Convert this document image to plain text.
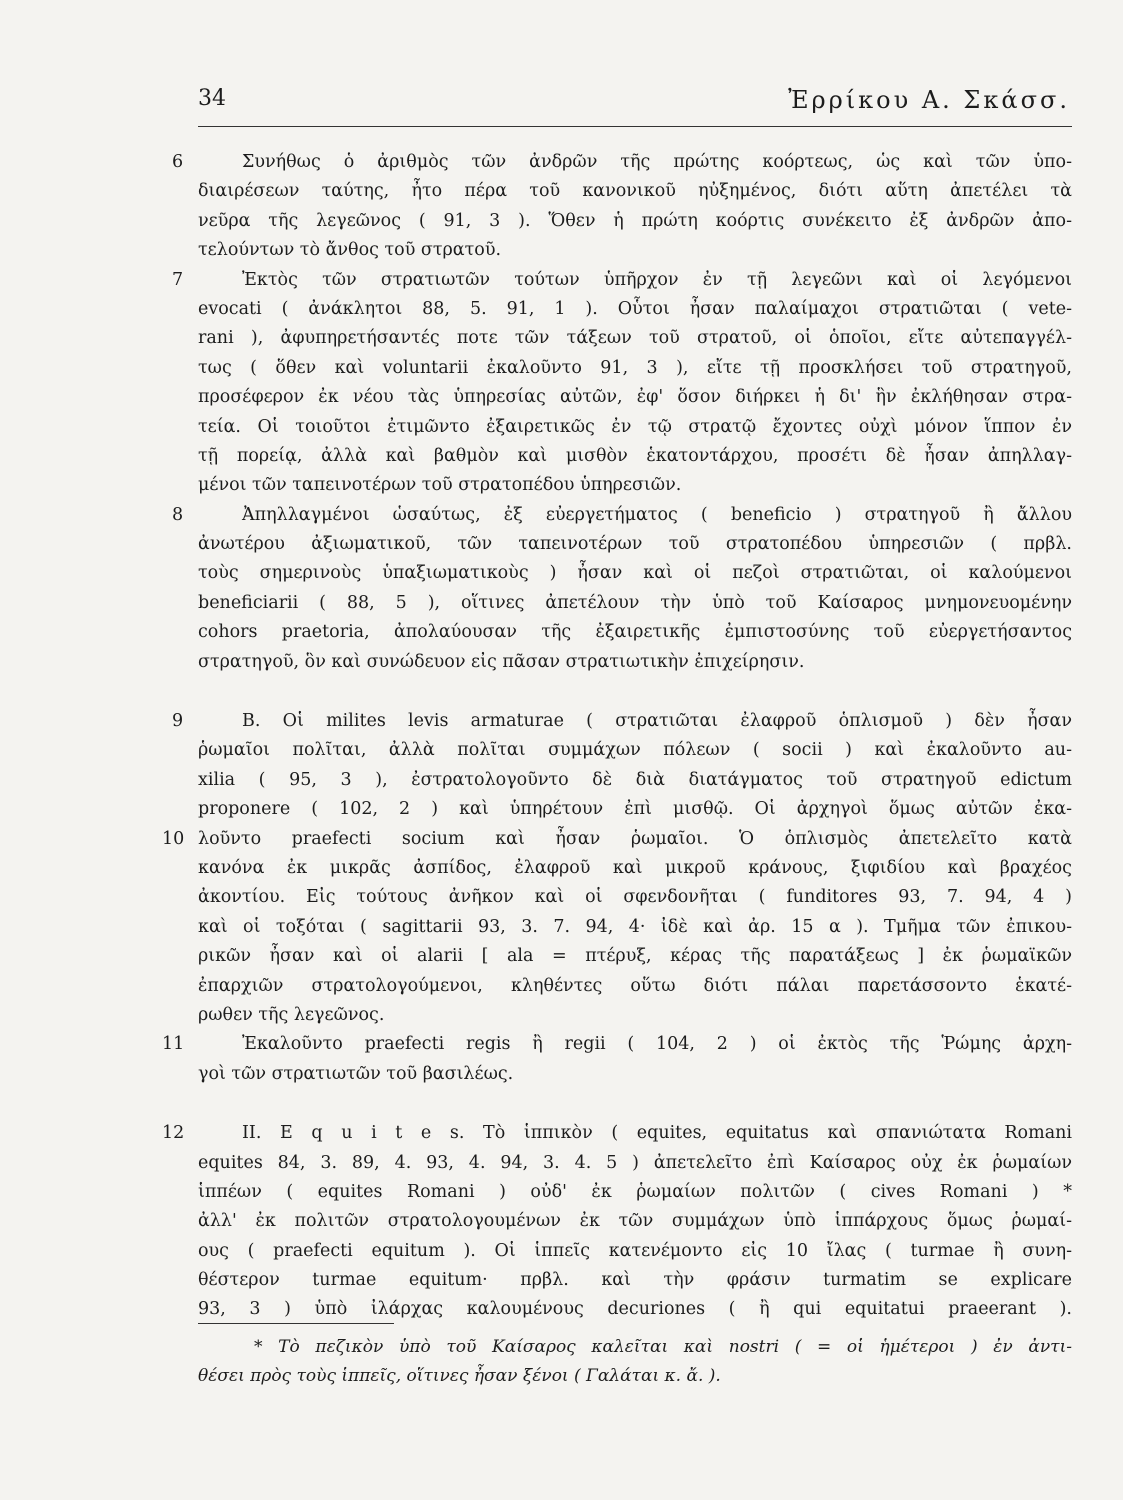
34	Ἐρρίκου Α. Σκάσσ.
6	Συνήθως ὁ ἀριθμὸς τῶν ἀνδρῶν τῆς πρώτης κοόρτεως, ὡς καὶ τῶν ὑπο-
διαιρέσεων ταύτης, ἦτο πέρα τοῦ κανονικοῦ ηὐξημένος, διότι αὕτη ἀπετέλει τὰ
νεῦρα τῆς λεγεῶνος ( 91, 3 ). Ὅθεν ἡ πρώτη κοόρτις συνέκειτο ἐξ ἀνδρῶν ἀπο-
τελούντων τὸ ἄνθος τοῦ στρατοῦ.
7	Ἐκτὸς τῶν στρατιωτῶν τούτων ὑπῆρχον ἐν τῇ λεγεῶνι καὶ οἱ λεγόμενοι
evocati ( ἀνάκλητοι 88, 5. 91, 1 ). Οὗτοι ἦσαν παλαίμαχοι στρατιῶται ( vete-
rani ), ἀφυπηρετήσαντές ποτε τῶν τάξεων τοῦ στρατοῦ, οἱ ὁποῖοι, εἴτε αὐτεπαγγέλ-
τως ( ὅθεν καὶ voluntarii ἐκαλοῦντο 91, 3 ), εἴτε τῇ προσκλήσει τοῦ στρατηγοῦ,
προσέφερον ἐκ νέου τὰς ὑπηρεσίας αὐτῶν, ἐφ' ὅσον διήρκει ἡ δι' ἣν ἐκλήθησαν στρα-
τεία. Οἱ τοιοῦτοι ἐτιμῶντο ἐξαιρετικῶς ἐν τῷ στρατῷ ἔχοντες οὐχὶ μόνον ἵππον ἐν
τῇ πορείᾳ, ἀλλὰ καὶ βαθμὸν καὶ μισθὸν ἑκατοντάρχου, προσέτι δὲ ἦσαν ἀπηλλαγ-
μένοι τῶν ταπεινοτέρων τοῦ στρατοπέδου ὑπηρεσιῶν.
8	Ἀπηλλαγμένοι ὡσαύτως, ἐξ εὐεργετήματος ( beneficio ) στρατηγοῦ ἢ ἄλλου
ἀνωτέρου ἀξιωματικοῦ, τῶν ταπεινοτέρων τοῦ στρατοπέδου ὑπηρεσιῶν ( πρβλ.
τοὺς σημερινοὺς ὑπαξιωματικοὺς ) ἦσαν καὶ οἱ πεζοὶ στρατιῶται, οἱ καλούμενοι
beneficiarii ( 88, 5 ), οἵτινες ἀπετέλουν τὴν ὑπὸ τοῦ Καίσαρος μνημονευομένην
cohors praetoria, ἀπολαύουσαν τῆς ἐξαιρετικῆς ἐμπιστοσύνης τοῦ εὐεργετήσαντος
στρατηγοῦ, ὃν καὶ συνώδευον εἰς πᾶσαν στρατιωτικὴν ἐπιχείρησιν.
9	B. Οἱ milites levis armaturae ( στρατιῶται ἐλαφροῦ ὁπλισμοῦ ) δὲν ἦσαν
ῥωμαῖοι πολῖται, ἀλλὰ πολῖται συμμάχων πόλεων ( socii ) καὶ ἐκαλοῦντο au-
xilia ( 95, 3 ), ἐστρατολογοῦντο δὲ διὰ διατάγματος τοῦ στρατηγοῦ edictum
proponere ( 102, 2 ) καὶ ὑπηρέτουν ἐπὶ μισθῷ. Οἱ ἀρχηγοὶ ὅμως αὐτῶν ἐκα-
10 λοῦντο praefecti socium καὶ ἦσαν ῥωμαῖοι. Ὁ ὁπλισμὸς ἀπετελεῖτο κατὰ
κανόνα ἐκ μικρᾶς ἀσπίδος, ἐλαφροῦ καὶ μικροῦ κράνους, ξιφιδίου καὶ βραχέος
ἀκοντίου. Εἰς τούτους ἀνῆκον καὶ οἱ σφενδονῆται ( funditores 93, 7. 94, 4 )
καὶ οἱ τοξόται ( sagittarii 93, 3. 7. 94, 4· ἰδὲ καὶ ἀρ. 15 α ). Τμῆμα τῶν ἐπικου-
ρικῶν ἦσαν καὶ οἱ alarii [ ala = πτέρυξ, κέρας τῆς παρατάξεως ] ἐκ ῥωμαϊκῶν
ἐπαρχιῶν στρατολογούμενοι, κληθέντες οὕτω διότι πάλαι παρετάσσοντο ἑκατέ-
ρωθεν τῆς λεγεῶνος.
11	Ἐκαλοῦντο praefecti regis ἢ regii ( 104, 2 ) οἱ ἐκτὸς τῆς Ῥώμης ἀρχη-
γοὶ τῶν στρατιωτῶν τοῦ βασιλέως.
12	II. E q u i t e s. Τὸ ἱππικὸν ( equites, equitatus καὶ σπανιώτατα Romani
equites 84, 3. 89, 4. 93, 4. 94, 3. 4. 5 ) ἀπετελεῖτο ἐπὶ Καίσαρος οὐχ ἐκ ῥωμαίων
ἱππέων ( equites Romani ) οὐδ' ἐκ ῥωμαίων πολιτῶν ( cives Romani ) *
ἀλλ' ἐκ πολιτῶν στρατολογουμένων ἐκ τῶν συμμάχων ὑπὸ ἱππάρχους ὅμως ῥωμαί-
ους ( praefecti equitum ). Οἱ ἱππεῖς κατενέμοντο εἰς 10 ἴλας ( turmae ἢ συνη-
θέστερον turmae equitum· πρβλ. καὶ τὴν φράσιν turmatim se explicare
93, 3 ) ὑπὸ ἰλάρχας καλουμένους decuriones ( ἢ qui equitatui praeerant ).
* Τὸ πεζικὸν ὑπὸ τοῦ Καίσαρος καλεῖται καὶ nostri ( = οἱ ἡμέτεροι ) ἐν ἀντι-
θέσει πρὸς τοὺς ἱππεῖς, οἵτινες ἦσαν ξένοι ( Γαλάται κ. ἄ. ).
